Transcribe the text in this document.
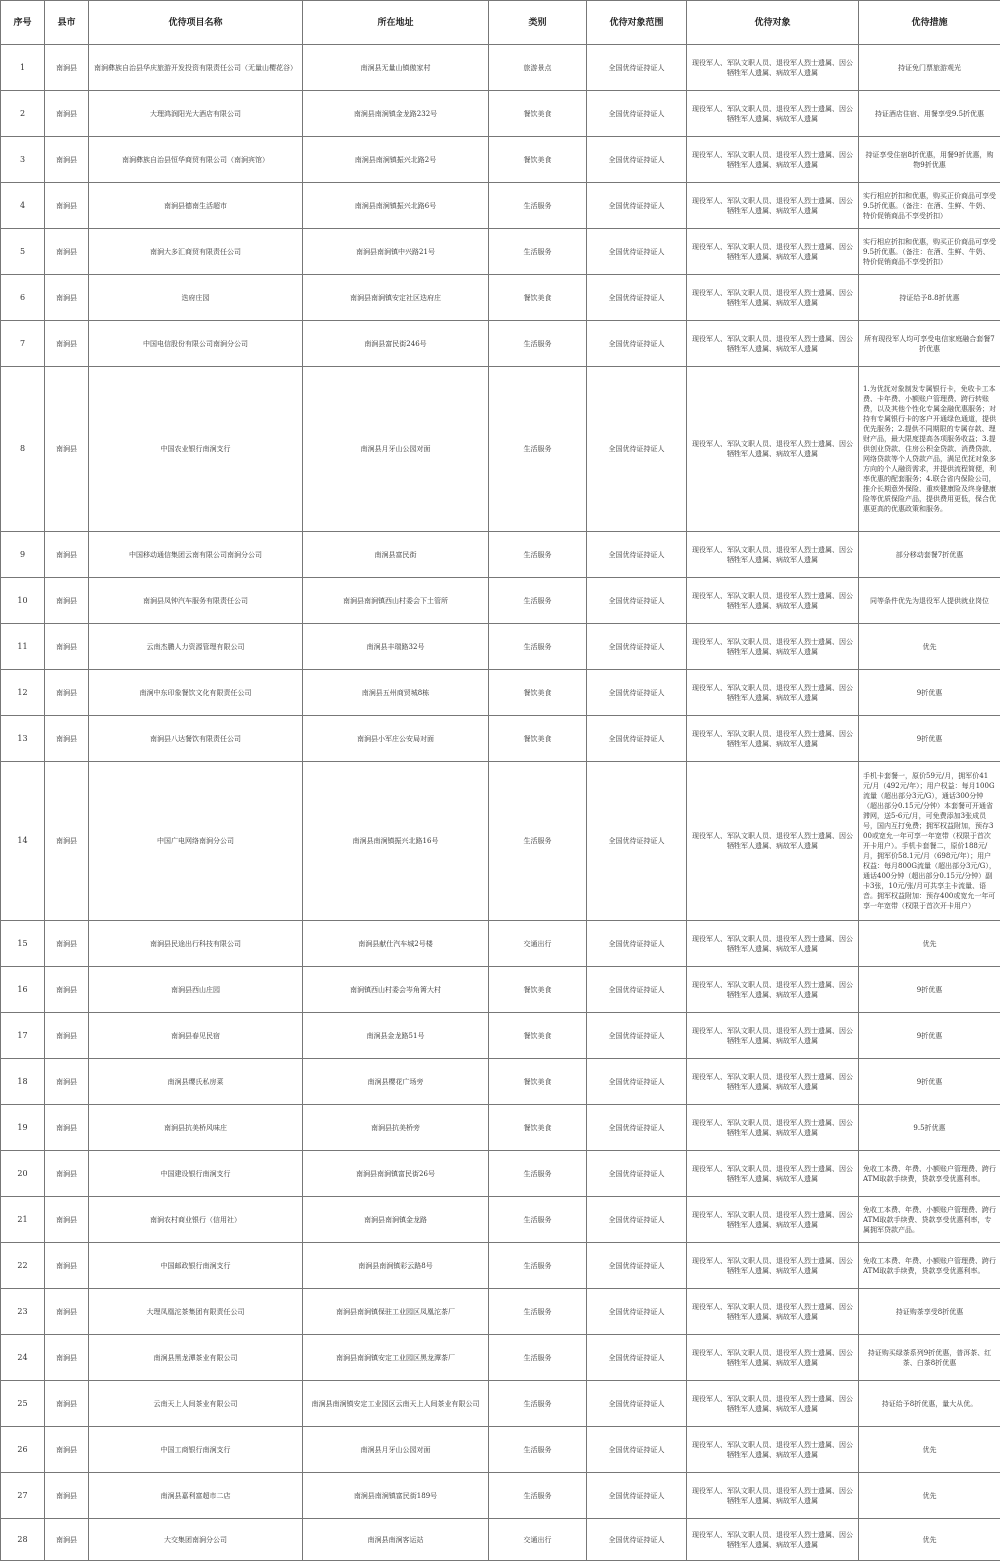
序号	县市	优待项目名称	所在地址	类别	优待对象范围	优待对象	优待措施
1	南涧县	南涧彝族自治县华庆旅游开发投资有限责任公司（无量山樱花谷）	南涧县无量山镇傲家村	旅游景点	全国优待证持证人	现役军人、军队文职人员、退役军人烈士遗属、因公牺牲军人遗属、病故军人遗属	持证免门票旅游观光
2	南涧县	大理鸿润阳光大酒店有限公司	南涧县南涧镇金龙路232号	餐饮美食	全国优待证持证人	现役军人、军队文职人员、退役军人烈士遗属、因公牺牲军人遗属、病故军人遗属	持证酒店住宿、用餐享受9.5折优惠
3	南涧县	南涧彝族自治县恒华商贸有限公司（南涧宾馆）	南涧县南涧镇振兴北路2号	餐饮美食	全国优待证持证人	现役军人、军队文职人员、退役军人烈士遗属、因公牺牲军人遗属、病故军人遗属	持证享受住宿8折优惠，用餐9折优惠，购物9折优惠
4	南涧县	南涧县德南生活超市	南涧县南涧镇振兴北路6号	生活服务	全国优待证持证人	现役军人、军队文职人员、退役军人烈士遗属、因公牺牲军人遗属、病故军人遗属	实行相应折扣和优惠，购买正价商品可享受9.5折优惠。（备注：在酒、生鲜、牛奶、特价促销商品不享受折扣）
5	南涧县	南涧大多汇商贸有限责任公司	南涧县南涧镇中兴路21号	生活服务	全国优待证持证人	现役军人、军队文职人员、退役军人烈士遗属、因公牺牲军人遗属、病故军人遗属	实行相应折扣和优惠，购买正价商品可享受9.5折优惠。（备注：在酒、生鲜、牛奶、特价促销商品不享受折扣）
6	南涧县	迭府庄园	南涧县南涧镇安定社区迭府庄	餐饮美食	全国优待证持证人	现役军人、军队文职人员、退役军人烈士遗属、因公牺牲军人遗属、病故军人遗属	持证给予8.8折优惠
7	南涧县	中国电信股份有限公司南涧分公司	南涧县富民街246号	生活服务	全国优待证持证人	现役军人、军队文职人员、退役军人烈士遗属、因公牺牲军人遗属、病故军人遗属	所有现役军人均可享受电信家庭融合套餐7折优惠
8	南涧县	中国农业银行南涧支行	南涧县月牙山公园对面	生活服务	全国优待证持证人	现役军人、军队文职人员、退役军人烈士遗属、因公牺牲军人遗属、病故军人遗属	1.为优抚对象制发专属银行卡，免收卡工本费、卡年费、小额账户管理费、跨行转账费，以及其他个性化专属金融优惠服务；对持有专属银行卡的客户开通绿色通道，提供优先服务；2.提供不同期限的专属存款、理财产品，最大限度提高各项服务收益；3.提供创业贷款、住房公积金贷款、消费贷款、网络贷款等个人贷款产品，满足优抚对象多方向的个人融资需求，并提供流程简便，利率优惠的配套服务；4.联合省内保险公司，推介长期意外保险、重疾健康险及终身健康险等优质保险产品，提供费用更低，保合优惠更高的优惠政策和服务。
9	南涧县	中国移动通信集团云南有限公司南涧分公司	南涧县富民街	生活服务	全国优待证持证人	现役军人、军队文职人员、退役军人烈士遗属、因公牺牲军人遗属、病故军人遗属	部分移动套餐7折优惠
10	南涧县	南涧县凤钟汽车服务有限责任公司	南涧县南涧镇西山村委会下土管所	生活服务	全国优待证持证人	现役军人、军队文职人员、退役军人烈士遗属、因公牺牲军人遗属、病故军人遗属	同等条件优先为退役军人提供就业岗位
11	南涧县	云南杰鹏人力资源管理有限公司	南涧县丰瑞路32号	生活服务	全国优待证持证人	现役军人、军队文职人员、退役军人烈士遗属、因公牺牲军人遗属、病故军人遗属	优先
12	南涧县	南涧中东印象餐饮文化有限责任公司	南涧县五州商贸城8栋	餐饮美食	全国优待证持证人	现役军人、军队文职人员、退役军人烈士遗属、因公牺牲军人遗属、病故军人遗属	9折优惠
13	南涧县	南涧县八达餐饮有限责任公司	南涧县小军庄公安局对面	餐饮美食	全国优待证持证人	现役军人、军队文职人员、退役军人烈士遗属、因公牺牲军人遗属、病故军人遗属	9折优惠
14	南涧县	中国广电网络南涧分公司	南涧县南涧镇振兴北路16号	生活服务	全国优待证持证人	现役军人、军队文职人员、退役军人烈士遗属、因公牺牲军人遗属、病故军人遗属	手机卡套餐一，原价59元/月，拥军价41元/月（492元/年）；用户权益：每月100G流量（超出部分3元/G），通话300分钟（超出部分0.15元/分钟）本套餐可开通省滞网，送5-6元/月，可免费添加3张成员号，国内互打免费；拥军权益附加，预存300或宽允一年可享一年宽带（权限于首次开卡用户）。手机卡套餐二，原价188元/月，拥军价58.1元/月（698元/年）；用户权益：每月800G流量（超出部分3元/G），通话400分钟（超出部分0.15元/分钟）副卡3张，10元/张/月可共享主卡流量、语音。拥军权益附加：预存400或宽允一年可享一年宽带（权限于首次开卡用户）
15	南涧县	南涧县民途出行科技有限公司	南涧县献仕汽车城2号楼	交通出行	全国优待证持证人	现役军人、军队文职人员、退役军人烈士遗属、因公牺牲军人遗属、病故军人遗属	优先
16	南涧县	南涧县西山庄园	南涧镇西山村委会岑角箐大村	餐饮美食	全国优待证持证人	现役军人、军队文职人员、退役军人烈士遗属、因公牺牲军人遗属、病故军人遗属	9折优惠
17	南涧县	南涧县春见民宿	南涧县金龙路51号	餐饮美食	全国优待证持证人	现役军人、军队文职人员、退役军人烈士遗属、因公牺牲军人遗属、病故军人遗属	9折优惠
18	南涧县	南涧县缨氏私房菜	南涧县樱花广场旁	餐饮美食	全国优待证持证人	现役军人、军队文职人员、退役军人烈士遗属、因公牺牲军人遗属、病故军人遗属	9折优惠
19	南涧县	南涧县抗美桥风味庄	南涧县抗美桥旁	餐饮美食	全国优待证持证人	现役军人、军队文职人员、退役军人烈士遗属、因公牺牲军人遗属、病故军人遗属	9.5折优惠
20	南涧县	中国建设银行南涧支行	南涧县南涧镇富民街26号	生活服务	全国优待证持证人	现役军人、军队文职人员、退役军人烈士遗属、因公牺牲军人遗属、病故军人遗属	免收工本费、年费、小额账户管理费、跨行ATM取款手续费，贷款享受优惠利率。
21	南涧县	南涧农村商业银行（信用社）	南涧县南涧镇金龙路	生活服务	全国优待证持证人	现役军人、军队文职人员、退役军人烈士遗属、因公牺牲军人遗属、病故军人遗属	免收工本费、年费、小额账户管理费、跨行ATM取款手续费、贷款享受优惠利率，专属拥军贷款产品。
22	南涧县	中国邮政银行南涧支行	南涧县南涧镇彩云路8号	生活服务	全国优待证持证人	现役军人、军队文职人员、退役军人烈士遗属、因公牺牲军人遗属、病故军人遗属	免收工本费、年费、小额账户管理费、跨行ATM取款手续费，贷款享受优惠利率。
23	南涧县	大理凤凰沱茶集团有限责任公司	南涧县南涧镇保驻工业园区凤凰沱茶厂	生活服务	全国优待证持证人	现役军人、军队文职人员、退役军人烈士遗属、因公牺牲军人遗属、病故军人遗属	持证购茶享受8折优惠
24	南涧县	南涧县黑龙潭茶业有限公司	南涧县南涧镇安定工业园区黑龙潭茶厂	生活服务	全国优待证持证人	现役军人、军队文职人员、退役军人烈士遗属、因公牺牲军人遗属、病故军人遗属	持证购买绿茶系列9折优惠，普洱茶、红茶、白茶8折优惠
25	南涧县	云南天上人间茶业有限公司	南涧县南涧镇安定工业园区云南天上人间茶业有限公司	生活服务	全国优待证持证人	现役军人、军队文职人员、退役军人烈士遗属、因公牺牲军人遗属、病故军人遗属	持证给予8折优惠，量大从优。
26	南涧县	中国工商银行南涧支行	南涧县月牙山公园对面	生活服务	全国优待证持证人	现役军人、军队文职人员、退役军人烈士遗属、因公牺牲军人遗属、病故军人遗属	优先
27	南涧县	南涧县嘉利富超市二店	南涧县南涧镇富民街189号	生活服务	全国优待证持证人	现役军人、军队文职人员、退役军人烈士遗属、因公牺牲军人遗属、病故军人遗属	优先
28	南涧县	大交集团南涧分公司	南涧县南涧客运站	交通出行	全国优待证持证人	现役军人、军队文职人员、退役军人烈士遗属、因公牺牲军人遗属、病故军人遗属	优先
